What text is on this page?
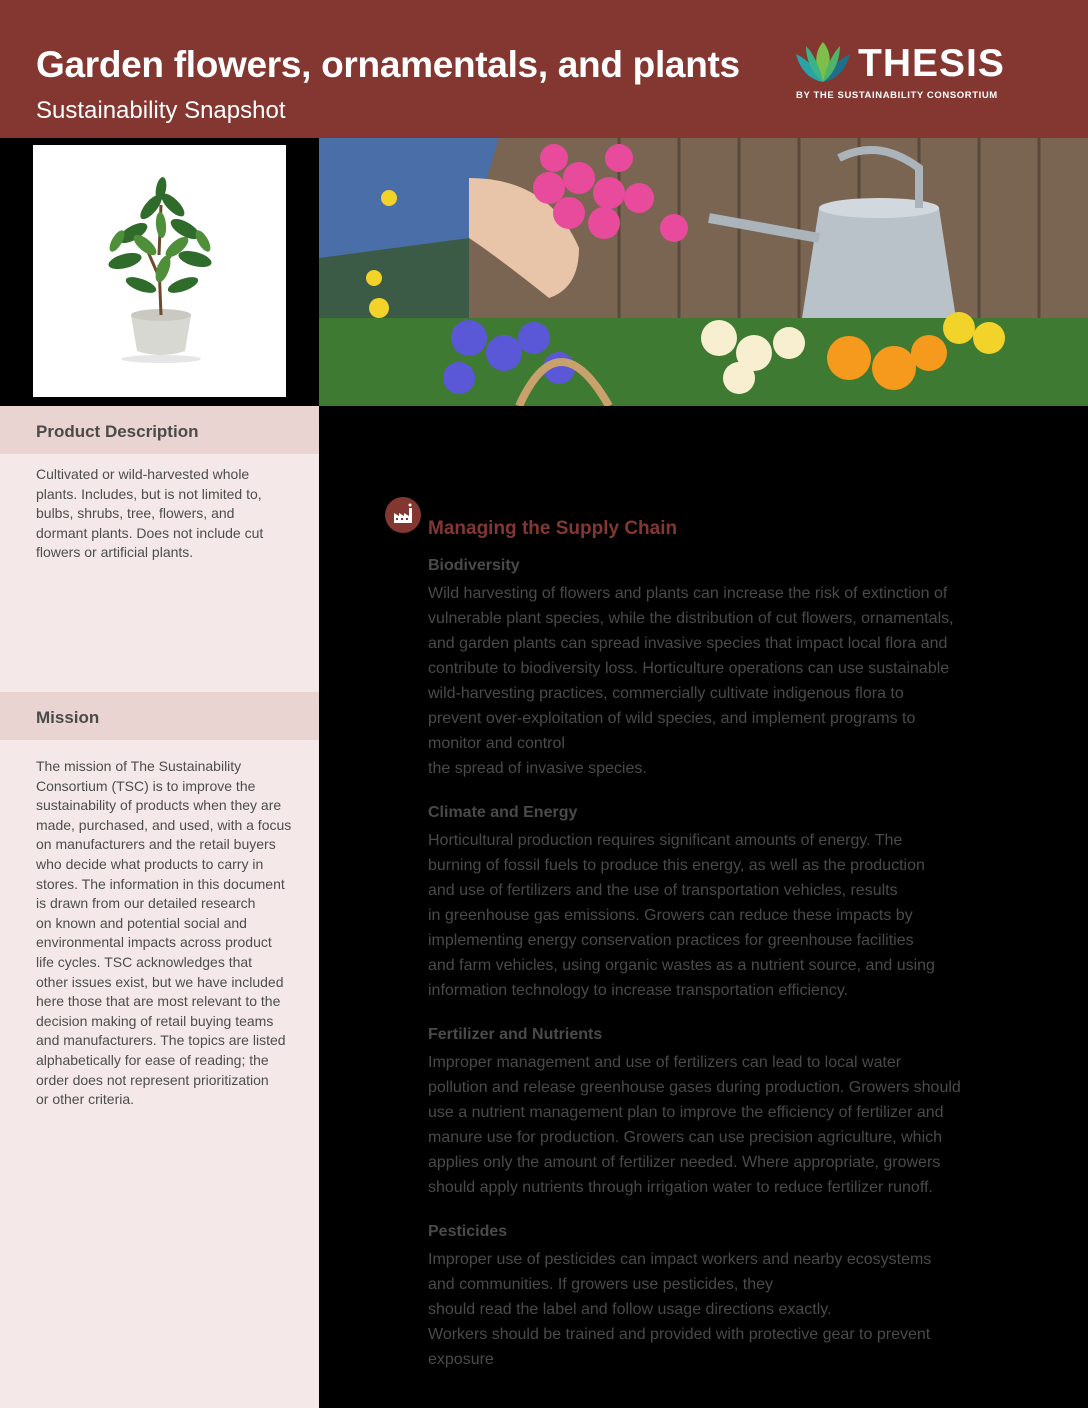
Garden flowers, ornamentals, and plants
Sustainability Snapshot
THESIS
BY THE SUSTAINABILITY CONSORTIUM
Product Description
Cultivated or wild-harvested whole
plants. Includes, but is not limited to,
bulbs, shrubs, tree, flowers, and
dormant plants. Does not include cut
flowers or artificial plants.
Mission
The mission of The Sustainability
Consortium (TSC) is to improve the
sustainability of products when they are
made, purchased, and used, with a focus
on manufacturers and the retail buyers
who decide what products to carry in
stores. The information in this document
is drawn from our detailed research
on known and potential social and
environmental impacts across product
life cycles. TSC acknowledges that
other issues exist, but we have included
here those that are most relevant to the
decision making of retail buying teams
and manufacturers. The topics are listed
alphabetically for ease of reading; the
order does not represent prioritization
or other criteria.
Managing the Supply Chain
Biodiversity
Wild harvesting of flowers and plants can increase the risk of extinction of
vulnerable plant species, while the distribution of cut flowers, ornamentals,
and garden plants can spread invasive species that impact local flora and
contribute to biodiversity loss. Horticulture operations can use sustainable
wild-harvesting practices, commercially cultivate indigenous flora to
prevent over-exploitation of wild species, and implement programs to
monitor and control
the spread of invasive species.
Climate and Energy
Horticultural production requires significant amounts of energy. The
burning of fossil fuels to produce this energy, as well as the production
and use of fertilizers and the use of transportation vehicles, results
in greenhouse gas emissions. Growers can reduce these impacts by
implementing energy conservation practices for greenhouse facilities
and farm vehicles, using organic wastes as a nutrient source, and using
information technology to increase transportation efficiency.
Fertilizer and Nutrients
Improper management and use of fertilizers can lead to local water
pollution and release greenhouse gases during production. Growers should
use a nutrient management plan to improve the efficiency of fertilizer and
manure use for production. Growers can use precision agriculture, which
applies only the amount of fertilizer needed. Where appropriate, growers
should apply nutrients through irrigation water to reduce fertilizer runoff.
Pesticides
Improper use of pesticides can impact workers and nearby ecosystems
and communities. If growers use pesticides, they
should read the label and follow usage directions exactly.
Workers should be trained and provided with protective gear to prevent
exposure
